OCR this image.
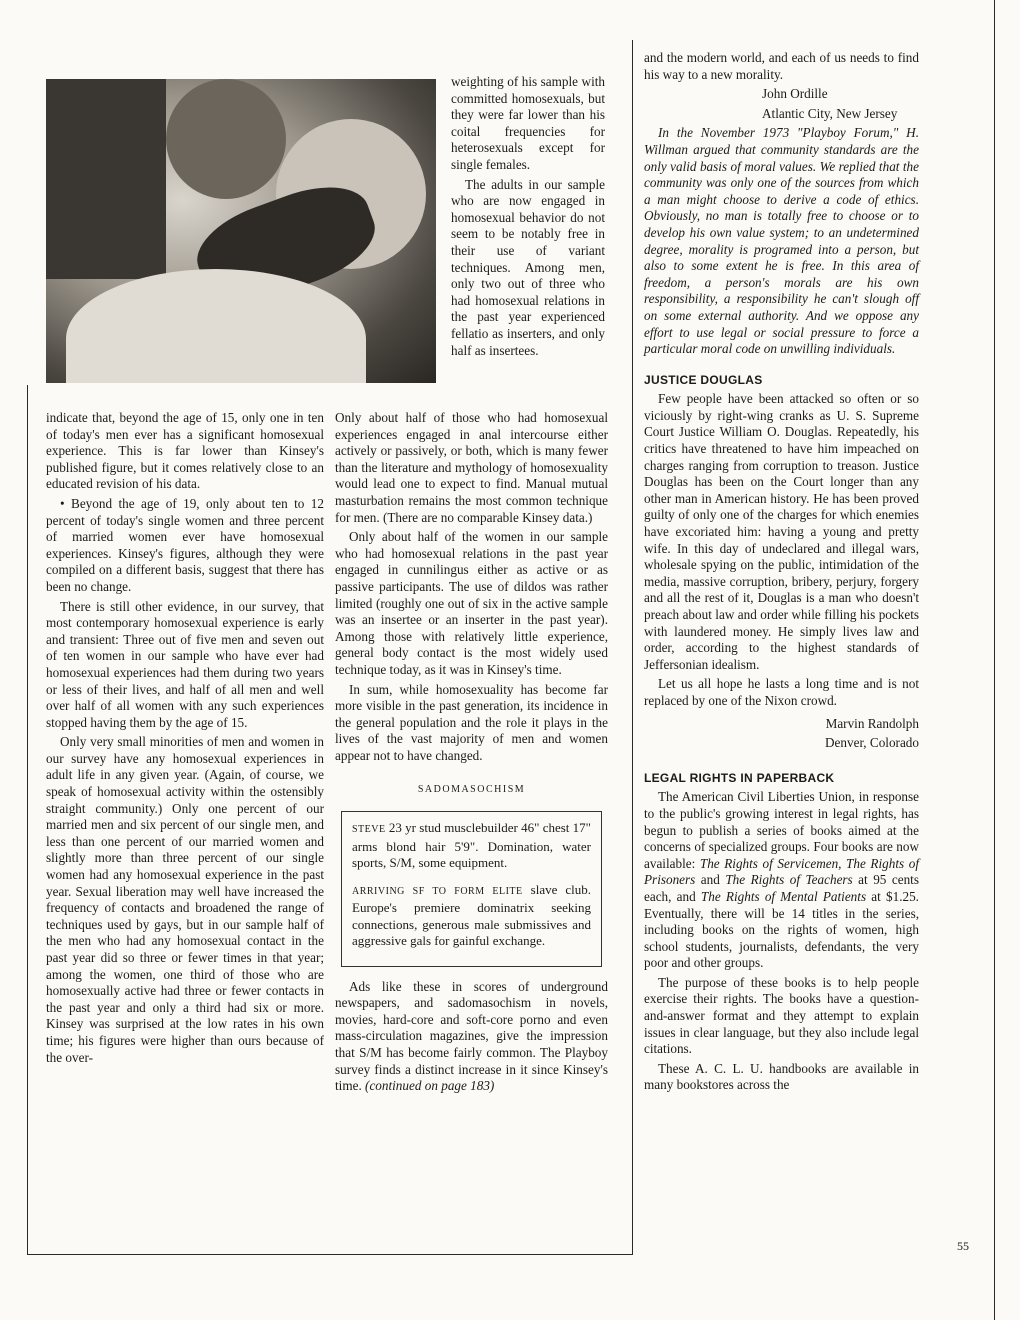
weighting of his sample with committed homosexuals, but they were far lower than his coital frequencies for heterosexuals except for single females.

The adults in our sample who are now engaged in homosexual behavior do not seem to be notably free in their use of variant techniques. Among men, only two out of three who had homosexual relations in the past year experienced fellatio as inserters, and only half as insertees.

indicate that, beyond the age of 15, only one in ten of today's men ever has a significant homosexual experience. This is far lower than Kinsey's published figure, but it comes relatively close to an educated revision of his data.

• Beyond the age of 19, only about ten to 12 percent of today's single women and three percent of married women ever have homosexual experiences. Kinsey's figures, although they were compiled on a different basis, suggest that there has been no change.

There is still other evidence, in our survey, that most contemporary homosexual experience is early and transient: Three out of five men and seven out of ten women in our sample who have ever had homosexual experiences had them during two years or less of their lives, and half of all men and well over half of all women with any such experiences stopped having them by the age of 15.

Only very small minorities of men and women in our survey have any homosexual experiences in adult life in any given year. (Again, of course, we speak of homosexual activity within the ostensibly straight community.) Only one percent of our married men and six percent of our single men, and less than one percent of our married women and slightly more than three percent of our single women had any homosexual experience in the past year. Sexual liberation may well have increased the frequency of contacts and broadened the range of techniques used by gays, but in our sample half of the men who had any homosexual contact in the past year did so three or fewer times in that year; among the women, one third of those who are homosexually active had three or fewer contacts in the past year and only a third had six or more. Kinsey was surprised at the low rates in his own time; his figures were higher than ours because of the over-

Only about half of those who had homosexual experiences engaged in anal intercourse either actively or passively, or both, which is many fewer than the literature and mythology of homosexuality would lead one to expect to find. Manual mutual masturbation remains the most common technique for men. (There are no comparable Kinsey data.)

Only about half of the women in our sample who had homosexual relations in the past year engaged in cunnilingus either as active or as passive participants. The use of dildos was rather limited (roughly one out of six in the active sample was an insertee or an inserter in the past year). Among those with relatively little experience, general body contact is the most widely used technique today, as it was in Kinsey's time.

In sum, while homosexuality has become far more visible in the past generation, its incidence in the general population and the role it plays in the lives of the vast majority of men and women appear not to have changed.

SADOMASOCHISM

STEVE 23 yr stud musclebuilder 46" chest 17" arms blond hair 5'9". Domination, water sports, S/M, some equipment.

ARRIVING SF TO FORM ELITE slave club. Europe's premiere dominatrix seeking connections, generous male submissives and aggressive gals for gainful exchange.

Ads like these in scores of underground newspapers, and sadomasochism in novels, movies, hard-core and soft-core porno and even mass-circulation magazines, give the impression that S/M has become fairly common. The Playboy survey finds a distinct increase in it since Kinsey's time. (continued on page 183)

and the modern world, and each of us needs to find his way to a new morality.

John Ordille

Atlantic City, New Jersey

In the November 1973 "Playboy Forum," H. Willman argued that community standards are the only valid basis of moral values. We replied that the community was only one of the sources from which a man might choose to derive a code of ethics. Obviously, no man is totally free to choose or to develop his own value system; to an undetermined degree, morality is programed into a person, but also to some extent he is free. In this area of freedom, a person's morals are his own responsibility, a responsibility he can't slough off on some external authority. And we oppose any effort to use legal or social pressure to force a particular moral code on unwilling individuals.

JUSTICE DOUGLAS

Few people have been attacked so often or so viciously by right-wing cranks as U. S. Supreme Court Justice William O. Douglas. Repeatedly, his critics have threatened to have him impeached on charges ranging from corruption to treason. Justice Douglas has been on the Court longer than any other man in American history. He has been proved guilty of only one of the charges for which enemies have excoriated him: having a young and pretty wife. In this day of undeclared and illegal wars, wholesale spying on the public, intimidation of the media, massive corruption, bribery, perjury, forgery and all the rest of it, Douglas is a man who doesn't preach about law and order while filling his pockets with laundered money. He simply lives law and order, according to the highest standards of Jeffersonian idealism.

Let us all hope he lasts a long time and is not replaced by one of the Nixon crowd.

Marvin Randolph

Denver, Colorado

LEGAL RIGHTS IN PAPERBACK

The American Civil Liberties Union, in response to the public's growing interest in legal rights, has begun to publish a series of books aimed at the concerns of specialized groups. Four books are now available: The Rights of Servicemen, The Rights of Prisoners and The Rights of Teachers at 95 cents each, and The Rights of Mental Patients at $1.25. Eventually, there will be 14 titles in the series, including books on the rights of women, high school students, journalists, defendants, the very poor and other groups.

The purpose of these books is to help people exercise their rights. The books have a question-and-answer format and they attempt to explain issues in clear language, but they also include legal citations.

These A. C. L. U. handbooks are available in many bookstores across the

55
